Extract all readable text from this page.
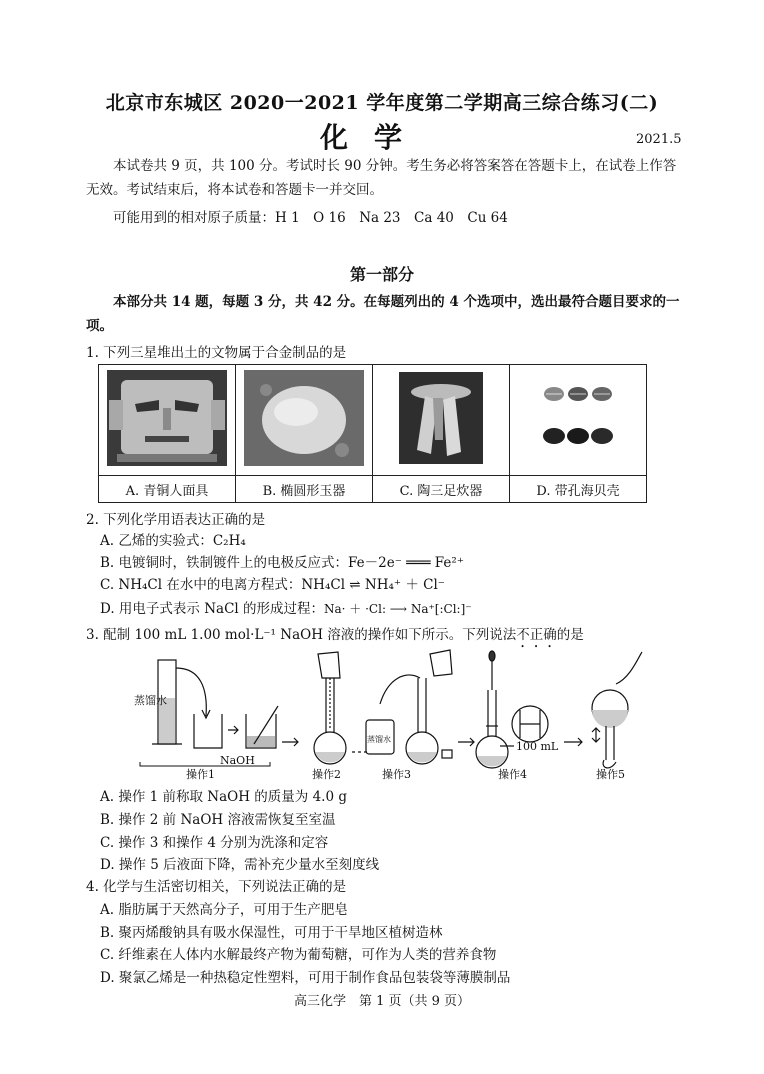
北京市东城区 2020一2021 学年度第二学期高三综合练习(二)
化学	2021.5
本试卷共 9 页，共 100 分。考试时长 90 分钟。考生务必将答案答在答题卡上，在试卷上作答无效。考试结束后，将本试卷和答题卡一并交回。
可能用到的相对原子质量：H 1　O 16　Na 23　Ca 40　Cu 64
第一部分
本部分共 14 题，每题 3 分，共 42 分。在每题列出的 4 个选项中，选出最符合题目要求的一项。
1. 下列三星堆出土的文物属于合金制品的是

A. 青铜人面具	B. 椭圆形玉器	C. 陶三足炊器	D. 带孔海贝壳
2. 下列化学用语表达正确的是
A. 乙烯的实验式：C₂H₄
B. 电镀铜时，铁制镀件上的电极反应式：Fe－2e⁻ ═══ Fe²⁺
C. NH₄Cl 在水中的电离方程式：NH₄Cl ⇌ NH₄⁺ ＋ Cl⁻
D. 用电子式表示 NaCl 的形成过程：Na· ＋ ·Cl: ⟶ Na⁺[:Cl:]⁻
3. 配制 100 mL 1.00 mol·L⁻¹ NaOH 溶液的操作如下所示。下列说法不正确的是
蒸馏水
NaOH
蒸馏水
100 mL
操作1	操作2	操作3	操作4	操作5
A. 操作 1 前称取 NaOH 的质量为 4.0 g
B. 操作 2 前 NaOH 溶液需恢复至室温
C. 操作 3 和操作 4 分别为洗涤和定容
D. 操作 5 后液面下降，需补充少量水至刻度线
4. 化学与生活密切相关，下列说法正确的是
A. 脂肪属于天然高分子，可用于生产肥皂
B. 聚丙烯酸钠具有吸水保湿性，可用于干旱地区植树造林
C. 纤维素在人体内水解最终产物为葡萄糖，可作为人类的营养食物
D. 聚氯乙烯是一种热稳定性塑料，可用于制作食品包装袋等薄膜制品
高三化学　第 1 页（共 9 页）
